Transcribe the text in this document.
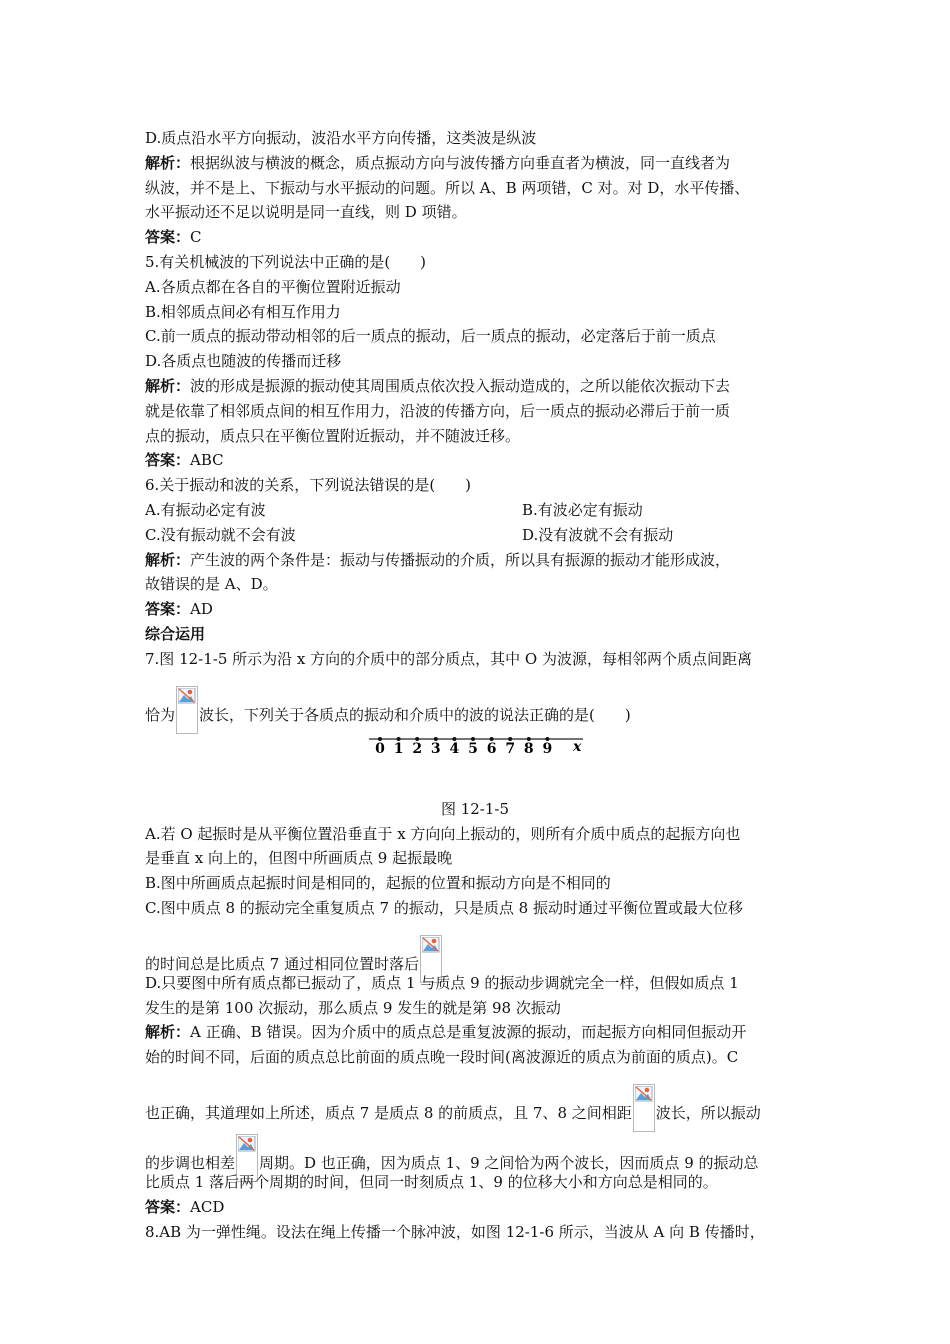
D.质点沿水平方向振动，波沿水平方向传播，这类波是纵波
解析：根据纵波与横波的概念，质点振动方向与波传播方向垂直者为横波，同一直线者为
纵波，并不是上、下振动与水平振动的问题。所以 A、B 两项错，C 对。对 D，水平传播、
水平振动还不足以说明是同一直线，则 D 项错。
答案：C
5.有关机械波的下列说法中正确的是(　　)
A.各质点都在各自的平衡位置附近振动
B.相邻质点间必有相互作用力
C.前一质点的振动带动相邻的后一质点的振动，后一质点的振动，必定落后于前一质点
D.各质点也随波的传播而迁移
解析：波的形成是振源的振动使其周围质点依次投入振动造成的，之所以能依次振动下去
就是依靠了相邻质点间的相互作用力，沿波的传播方向，后一质点的振动必滞后于前一质
点的振动，质点只在平衡位置附近振动，并不随波迁移。
答案：ABC
6.关于振动和波的关系，下列说法错误的是(　　)
A.有振动必定有波	B.有波必定有振动
C.没有振动就不会有波	D.没有波就不会有振动
解析：产生波的两个条件是：振动与传播振动的介质，所以具有振源的振动才能形成波，
故错误的是 A、D。
答案：AD
综合运用
7.图 12-1-5 所示为沿 x 方向的介质中的部分质点，其中 O 为波源，每相邻两个质点间距离
恰为 波长，下列关于各质点的振动和介质中的波的说法正确的是(　　)
0 1 2 3 4 5 6 7 8 9 x
图 12-1-5
A.若 O 起振时是从平衡位置沿垂直于 x 方向向上振动的，则所有介质中质点的起振方向也
是垂直 x 向上的，但图中所画质点 9 起振最晚
B.图中所画质点起振时间是相同的，起振的位置和振动方向是不相同的
C.图中质点 8 的振动完全重复质点 7 的振动，只是质点 8 振动时通过平衡位置或最大位移
的时间总是比质点 7 通过相同位置时落后
D.只要图中所有质点都已振动了，质点 1 与质点 9 的振动步调就完全一样，但假如质点 1
发生的是第 100 次振动，那么质点 9 发生的就是第 98 次振动
解析：A 正确、B 错误。因为介质中的质点总是重复波源的振动，而起振方向相同但振动开
始的时间不同，后面的质点总比前面的质点晚一段时间(离波源近的质点为前面的质点)。C
也正确，其道理如上所述，质点 7 是质点 8 的前质点，且 7、8 之间相距 波长，所以振动
的步调也相差 周期。D 也正确，因为质点 1、9 之间恰为两个波长，因而质点 9 的振动总
比质点 1 落后两个周期的时间，但同一时刻质点 1、9 的位移大小和方向总是相同的。
答案：ACD
8.AB 为一弹性绳。设法在绳上传播一个脉冲波，如图 12-1-6 所示，当波从 A 向 B 传播时，
